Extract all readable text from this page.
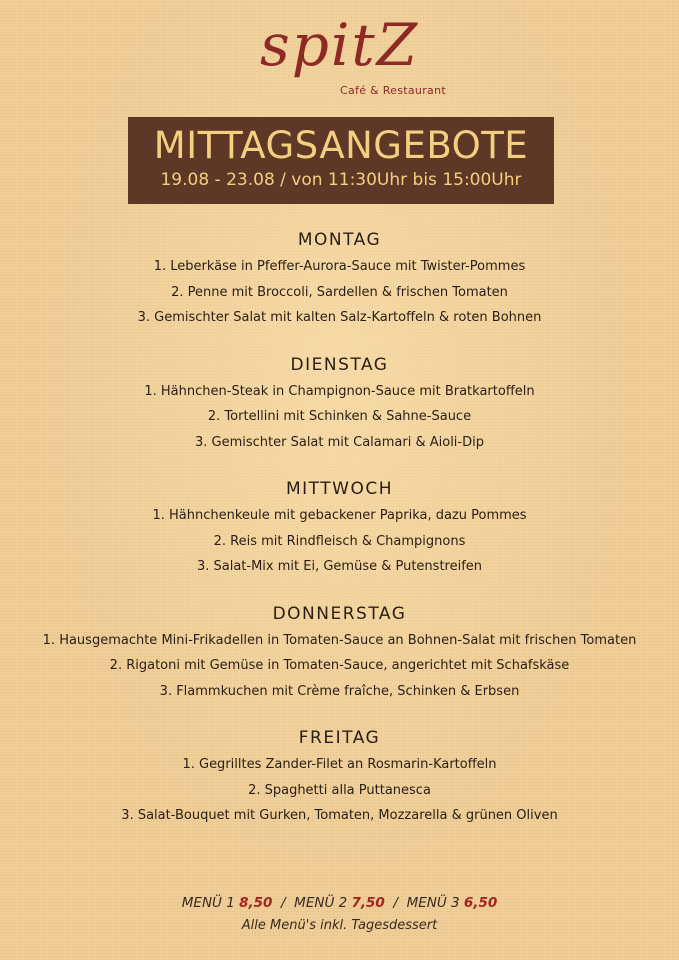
spitZ
Café & Restaurant
MITTAGSANGEBOTE
19.08 - 23.08 / von 11:30Uhr bis 15:00Uhr
MONTAG
1. Leberkäse in Pfeffer-Aurora-Sauce mit Twister-Pommes
2. Penne mit Broccoli, Sardellen & frischen Tomaten
3. Gemischter Salat mit kalten Salz-Kartoffeln & roten Bohnen
DIENSTAG
1. Hähnchen-Steak in Champignon-Sauce mit Bratkartoffeln
2. Tortellini mit Schinken & Sahne-Sauce
3. Gemischter Salat mit Calamari & Aioli-Dip
MITTWOCH
1. Hähnchenkeule mit gebackener Paprika, dazu Pommes
2. Reis mit Rindfleisch & Champignons
3. Salat-Mix mit Ei, Gemüse & Putenstreifen
DONNERSTAG
1. Hausgemachte Mini-Frikadellen in Tomaten-Sauce an Bohnen-Salat mit frischen Tomaten
2. Rigatoni mit Gemüse in Tomaten-Sauce, angerichtet mit Schafskäse
3. Flammkuchen mit Crème fraîche, Schinken & Erbsen
FREITAG
1. Gegrilltes Zander-Filet an Rosmarin-Kartoffeln
2. Spaghetti alla Puttanesca
3. Salat-Bouquet mit Gurken, Tomaten, Mozzarella & grünen Oliven
MENÜ 1 8,50 / MENÜ 2 7,50 / MENÜ 3 6,50
Alle Menü's inkl. Tagesdessert
